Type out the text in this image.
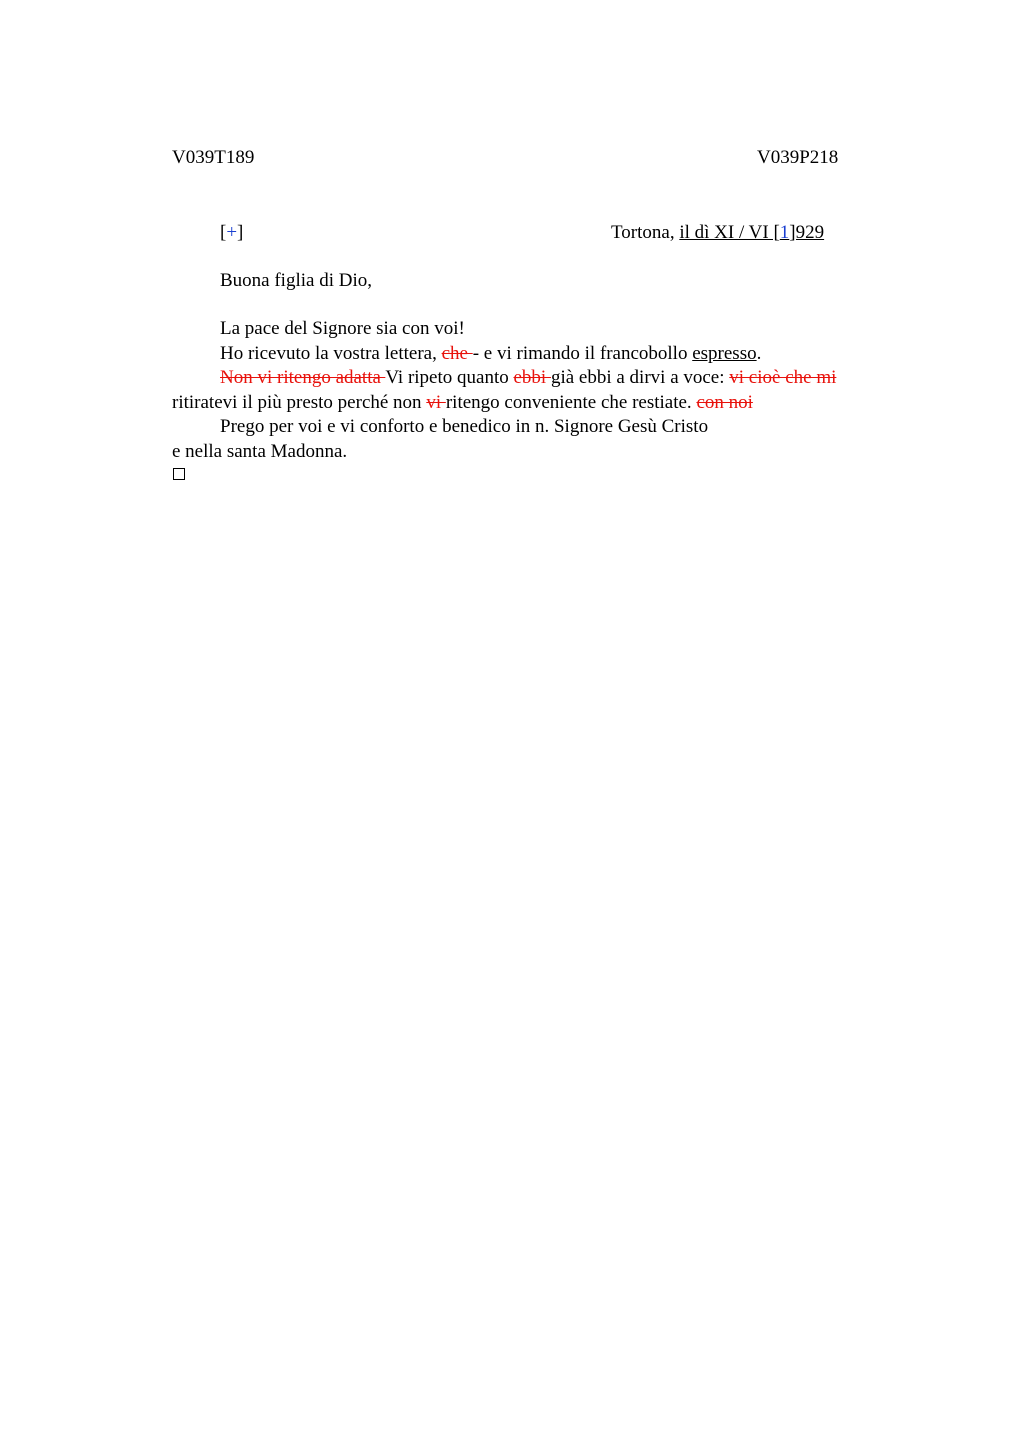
V039T189	V039P218
[+]	Tortona, il dì XI / VI [1]929
Buona figlia di Dio,
La pace del Signore sia con voi!
Ho ricevuto la vostra lettera, che - e vi rimando il francobollo espresso.
Non vi ritengo adatta Vi ripeto quanto ebbi già ebbi a dirvi a voce: vi cioè che mi
ritiratevi il più presto perché non vi ritengo conveniente che restiate. con noi
Prego per voi e vi conforto e benedico in n. Signore Gesù Cristo
e nella santa Madonna.
